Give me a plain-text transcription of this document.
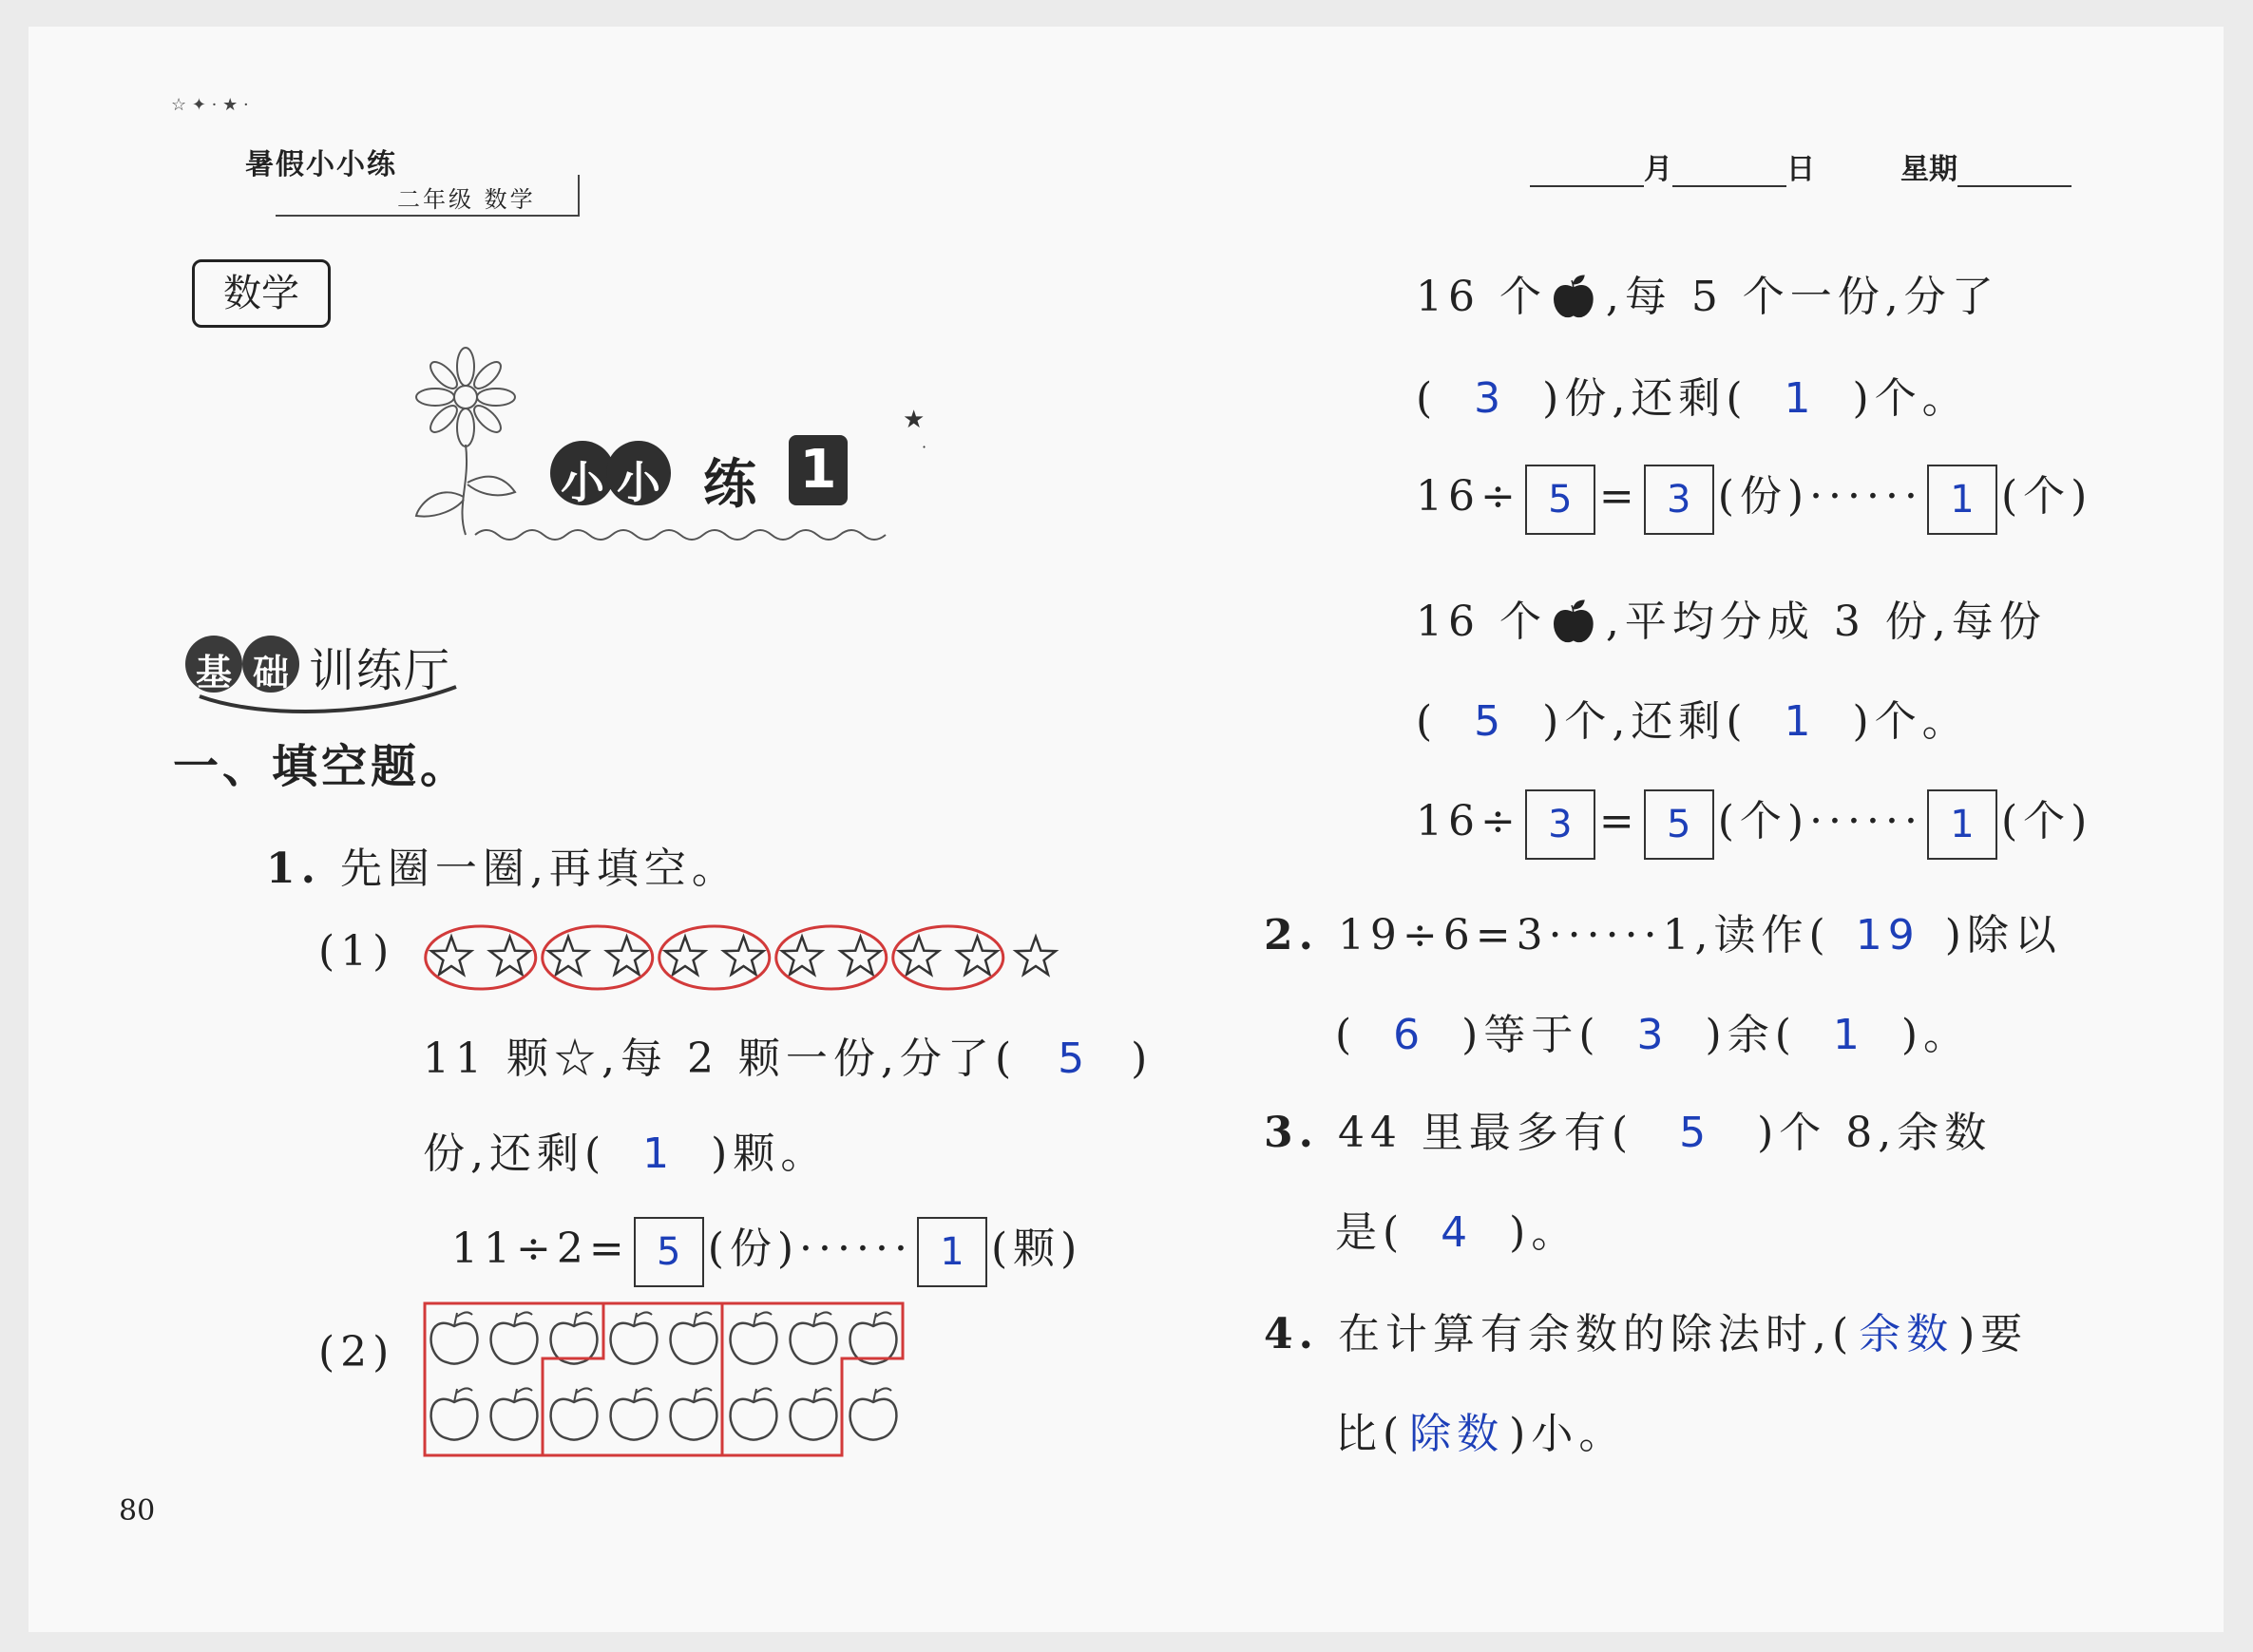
☆ ✦ · ★ ·
暑假小小练
二年级 数学
月	日	星期
数学
★
·
小 小 练 1
基 础 训练厅
一、填空题。
1. 先圈一圈,再填空。
(1)
11 颗☆,每 2 颗一份,分了( 5 )
份,还剩( 1 )颗。
11÷2= 5 (份)······ 1 (颗)
(2)
16 个🍎︎,每 5 个一份,分了
( 3 )份,还剩( 1 )个。
16÷ 5 = 3 (份)······ 1 (个)
16 个🍎︎,平均分成 3 份,每份
( 5 )个,还剩( 1 )个。
16÷ 3 = 5 (个)······ 1 (个)
2. 19÷6=3······1,读作( 19 )除以
( 6 )等于( 3 )余( 1 )。
3. 44 里最多有( 5 )个 8,余数
是( 4 )。
4. 在计算有余数的除法时,( 余数 )要
比( 除数 )小。
80
